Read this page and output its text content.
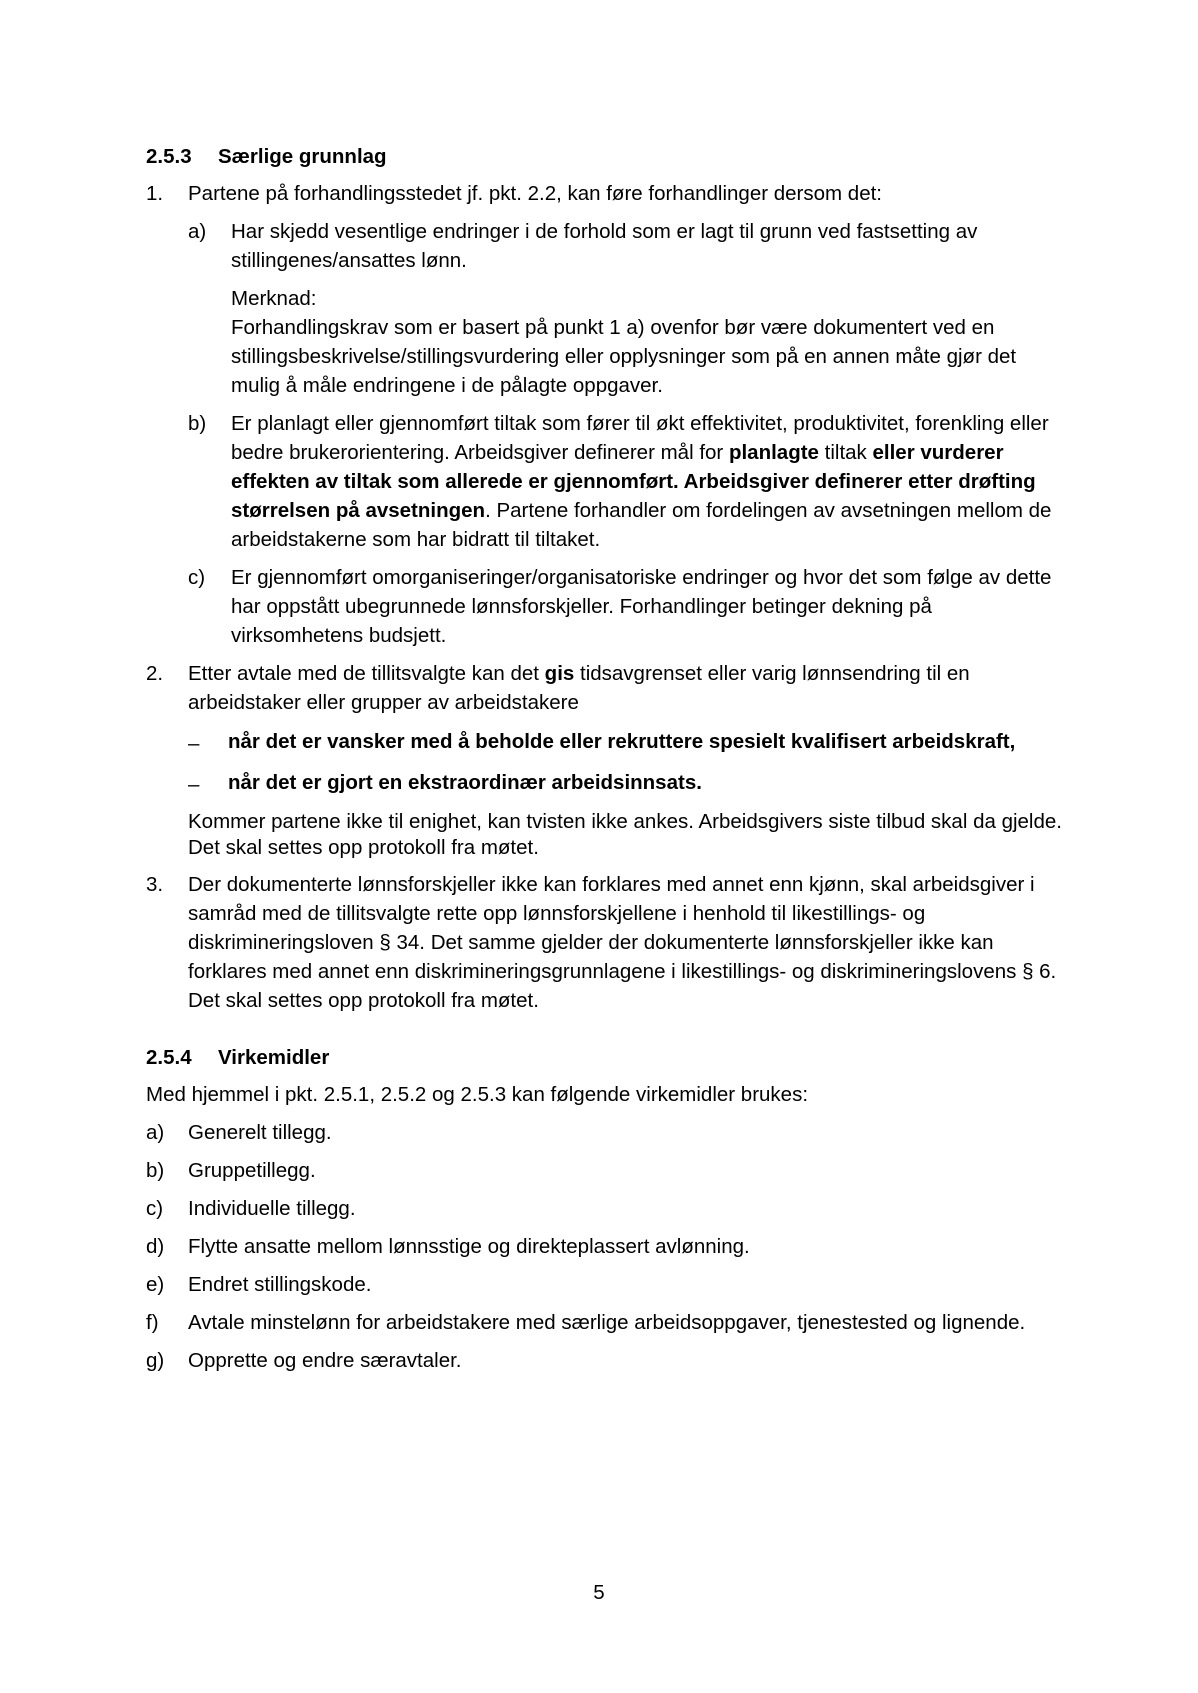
2.5.3	Særlige grunnlag
1.	Partene på forhandlingsstedet jf. pkt. 2.2, kan føre forhandlinger dersom det:
a)	Har skjedd vesentlige endringer i de forhold som er lagt til grunn ved fastsetting av stillingenes/ansattes lønn.
Merknad:
Forhandlingskrav som er basert på punkt 1 a) ovenfor bør være dokumentert ved en stillingsbeskrivelse/stillingsvurdering eller opplysninger som på en annen måte gjør det mulig å måle endringene i de pålagte oppgaver.
b)	Er planlagt eller gjennomført tiltak som fører til økt effektivitet, produktivitet, forenkling eller bedre brukerorientering. Arbeidsgiver definerer mål for planlagte tiltak eller vurderer effekten av tiltak som allerede er gjennomført. Arbeidsgiver definerer etter drøfting størrelsen på avsetningen. Partene forhandler om fordelingen av avsetningen mellom de arbeidstakerne som har bidratt til tiltaket.
c)	Er gjennomført omorganiseringer/organisatoriske endringer og hvor det som følge av dette har oppstått ubegrunnede lønnsforskjeller. Forhandlinger betinger dekning på virksomhetens budsjett.
2.	Etter avtale med de tillitsvalgte kan det gis tidsavgrenset eller varig lønnsendring til en arbeidstaker eller grupper av arbeidstakere
–	når det er vansker med å beholde eller rekruttere spesielt kvalifisert arbeidskraft,
–	når det er gjort en ekstraordinær arbeidsinnsats.
Kommer partene ikke til enighet, kan tvisten ikke ankes. Arbeidsgivers siste tilbud skal da gjelde. Det skal settes opp protokoll fra møtet.
3.	Der dokumenterte lønnsforskjeller ikke kan forklares med annet enn kjønn, skal arbeidsgiver i samråd med de tillitsvalgte rette opp lønnsforskjellene i henhold til likestillings- og diskrimineringsloven § 34. Det samme gjelder der dokumenterte lønnsforskjeller ikke kan forklares med annet enn diskrimineringsgrunnlagene i likestillings- og diskrimineringslovens § 6. Det skal settes opp protokoll fra møtet.
2.5.4	Virkemidler
Med hjemmel i pkt. 2.5.1, 2.5.2 og 2.5.3 kan følgende virkemidler brukes:
a)	Generelt tillegg.
b)	Gruppetillegg.
c)	Individuelle tillegg.
d)	Flytte ansatte mellom lønnsstige og direkteplassert avlønning.
e)	Endret stillingskode.
f)	Avtale minstelønn for arbeidstakere med særlige arbeidsoppgaver, tjenestested og lignende.
g)	Opprette og endre særavtaler.
5
